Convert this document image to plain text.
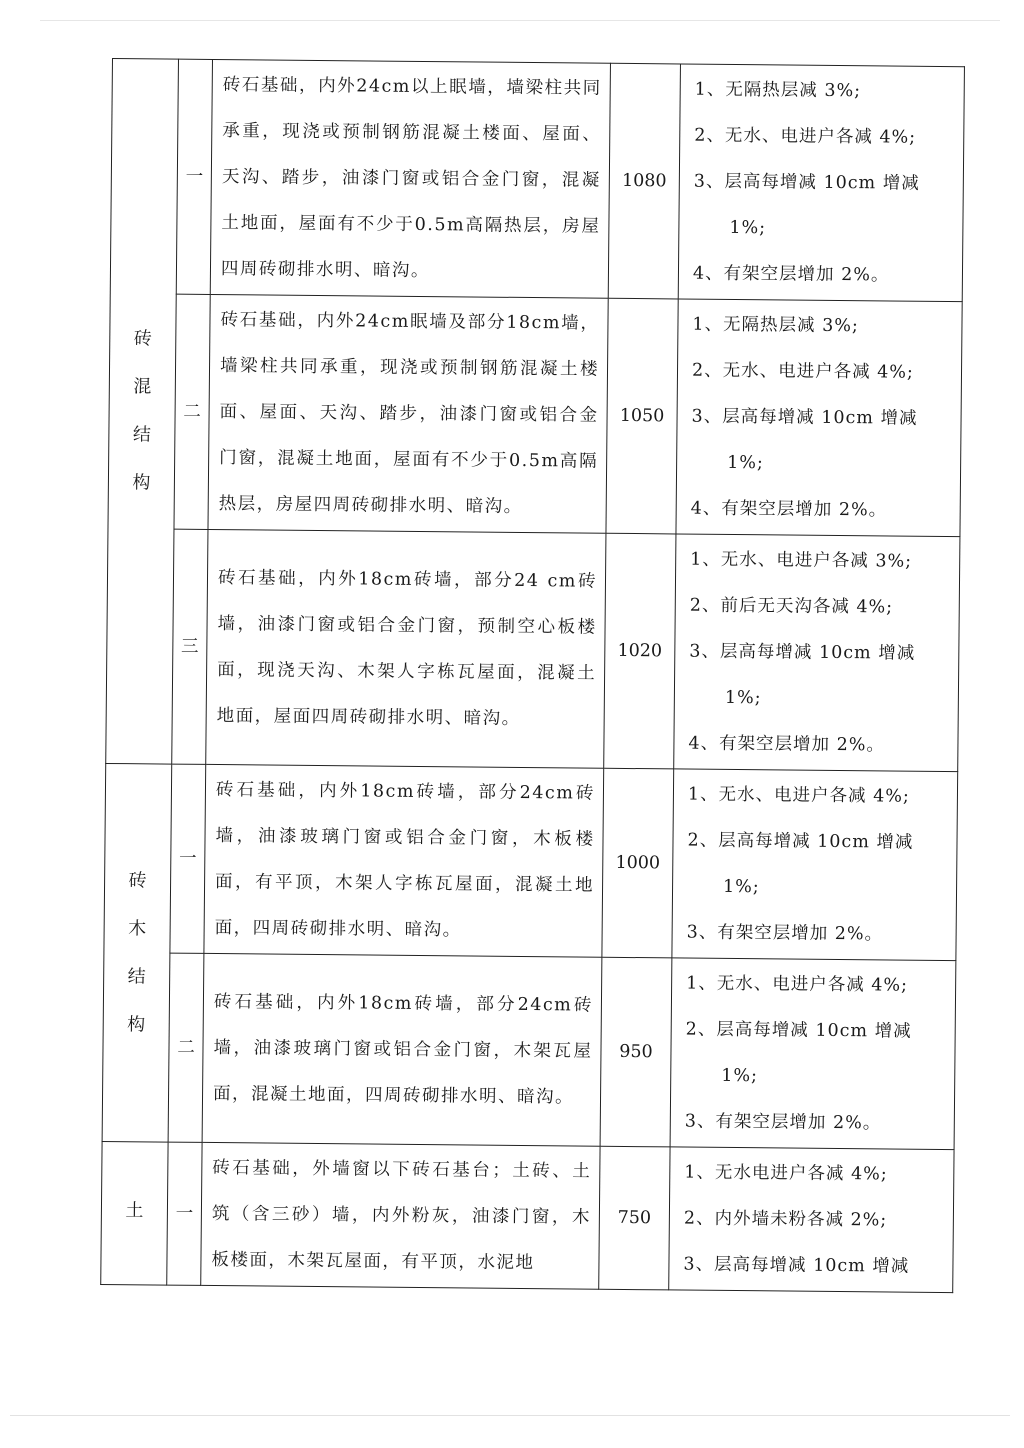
砖
混
结
构	一	砖石基础，内外24cm以上眠墙，墙梁柱共同承重，现浇或预制钢筋混凝土楼面、屋面、天沟、踏步，油漆门窗或铝合金门窗，混凝土地面，屋面有不少于0.5m高隔热层，房屋四周砖砌排水明、暗沟。	1080	1、无隔热层减 3%;
2、无水、电进户各减 4%;
3、层高每增减 10cm 增减
1%;
4、有架空层增加 2%。

	二	砖石基础，内外24cm眠墙及部分18cm墙，墙梁柱共同承重，现浇或预制钢筋混凝土楼面、屋面、天沟、踏步，油漆门窗或铝合金门窗，混凝土地面，屋面有不少于0.5m高隔热层，房屋四周砖砌排水明、暗沟。	1050	1、无隔热层减 3%;
2、无水、电进户各减 4%;
3、层高每增减 10cm 增减
1%;
4、有架空层增加 2%。

	三	砖石基础，内外18cm砖墙，部分24 cm砖墙，油漆门窗或铝合金门窗，预制空心板楼面，现浇天沟、木架人字栋瓦屋面，混凝土地面，屋面四周砖砌排水明、暗沟。	1020	1、无水、电进户各减 3%;
2、前后无天沟各减 4%;
3、层高每增减 10cm 增减
1%;
4、有架空层增加 2%。

砖
木
结
构	一	砖石基础，内外18cm砖墙，部分24cm砖墙，油漆玻璃门窗或铝合金门窗，木板楼面，有平顶，木架人字栋瓦屋面，混凝土地面，四周砖砌排水明、暗沟。	1000	1、无水、电进户各减 4%;
2、层高每增减 10cm 增减
1%;
3、有架空层增加 2%。

	二	砖石基础，内外18cm砖墙，部分24cm砖墙，油漆玻璃门窗或铝合金门窗，木架瓦屋面，混凝土地面，四周砖砌排水明、暗沟。	950	1、无水、电进户各减 4%;
2、层高每增减 10cm 增减
1%;
3、有架空层增加 2%。

土	一	砖石基础，外墙窗以下砖石基台；土砖、土筑（含三砂）墙，内外粉灰，油漆门窗，木板楼面，木架瓦屋面，有平顶，水泥地	750	1、无水电进户各减 4%;
2、内外墙未粉各减 2%;
3、层高每增减 10cm 增减
